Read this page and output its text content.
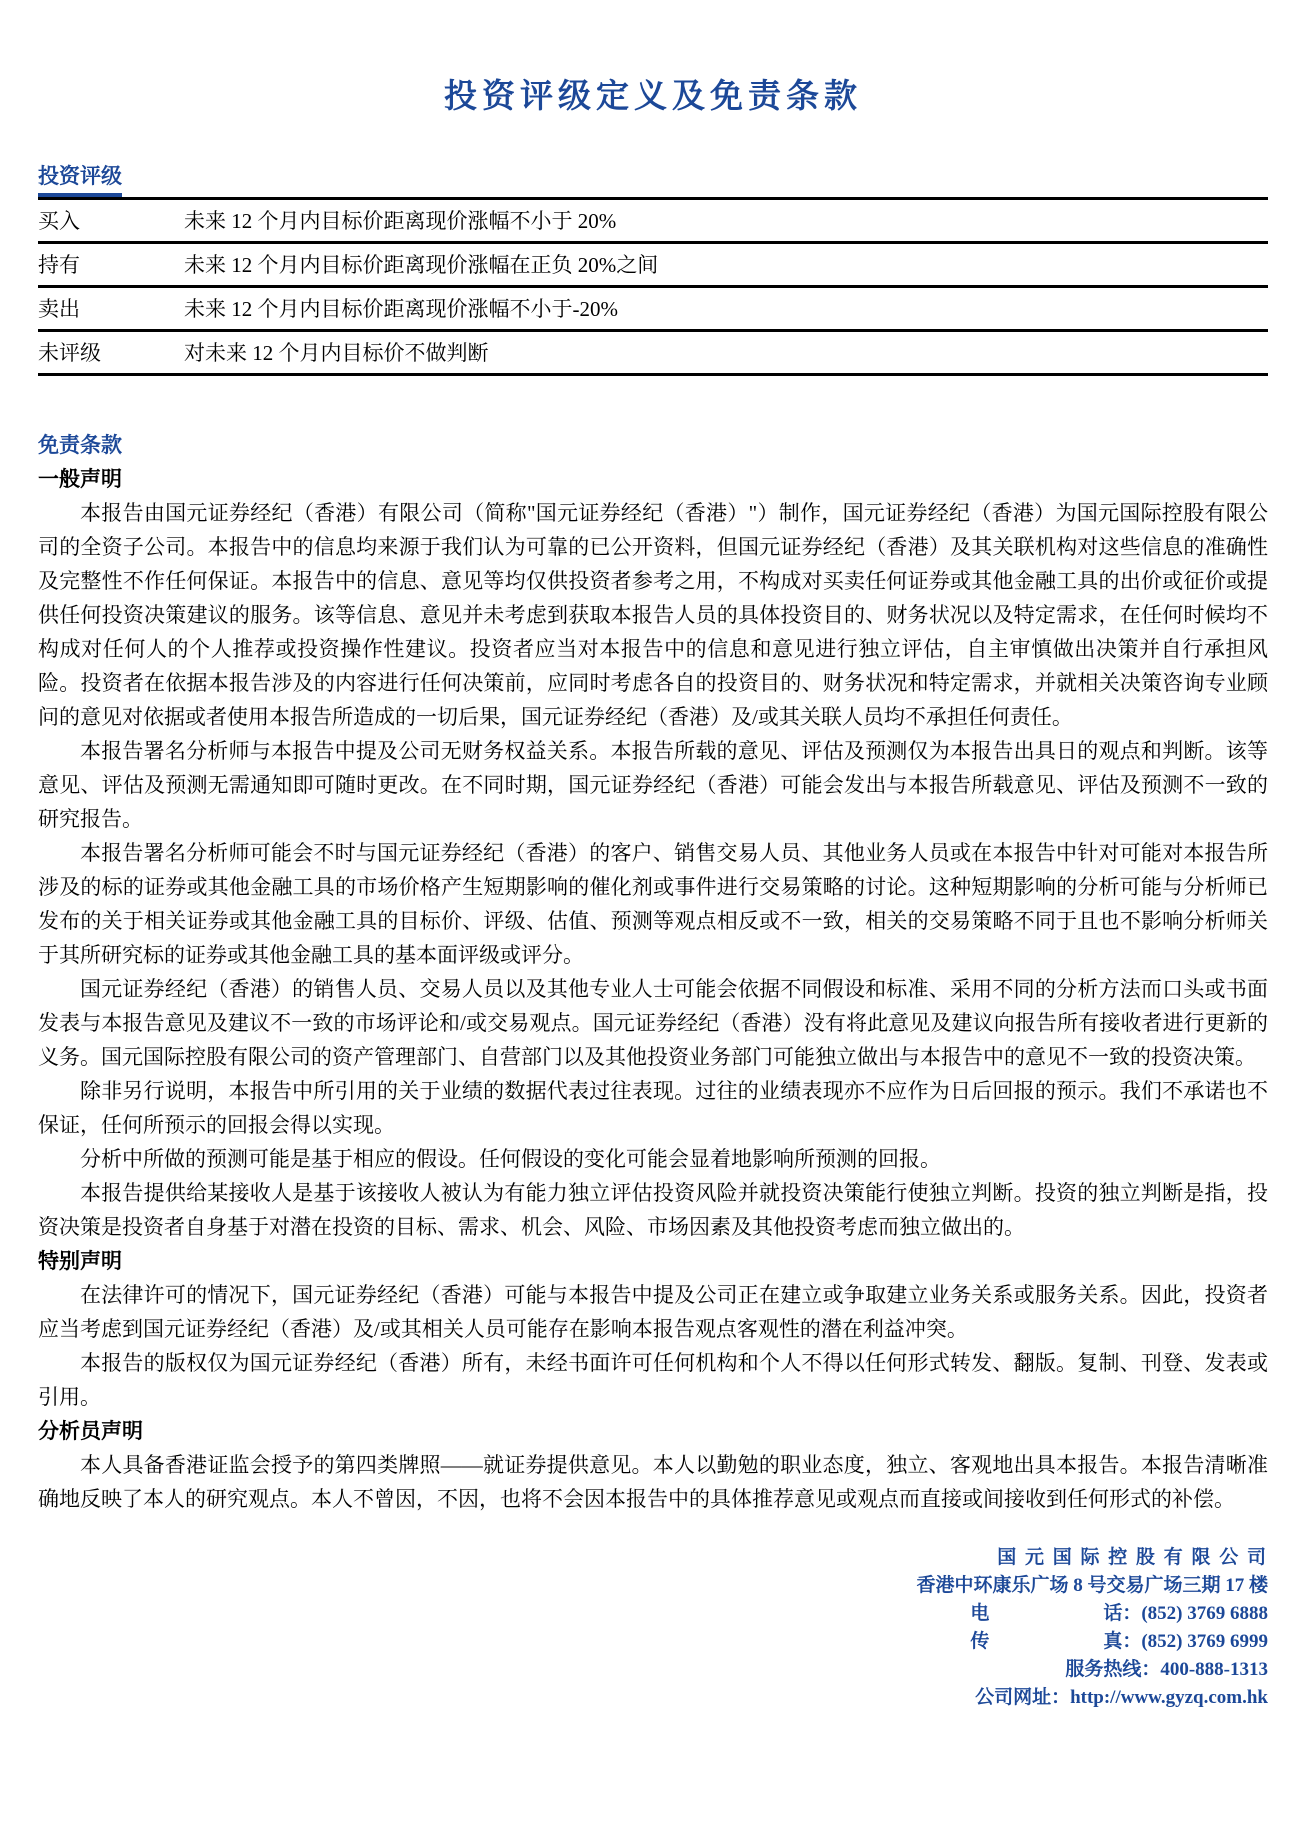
投资评级定义及免责条款
投资评级
买入	未来 12 个月内目标价距离现价涨幅不小于 20%
持有	未来 12 个月内目标价距离现价涨幅在正负 20%之间
卖出	未来 12 个月内目标价距离现价涨幅不小于-20%
未评级	对未来 12 个月内目标价不做判断
免责条款
一般声明

本报告由国元证券经纪（香港）有限公司（简称"国元证券经纪（香港）"）制作，国元证券经纪（香港）为国元国际控股有限公司的全资子公司。本报告中的信息均来源于我们认为可靠的已公开资料，但国元证券经纪（香港）及其关联机构对这些信息的准确性及完整性不作任何保证。本报告中的信息、意见等均仅供投资者参考之用，不构成对买卖任何证券或其他金融工具的出价或征价或提供任何投资决策建议的服务。该等信息、意见并未考虑到获取本报告人员的具体投资目的、财务状况以及特定需求，在任何时候均不构成对任何人的个人推荐或投资操作性建议。投资者应当对本报告中的信息和意见进行独立评估，自主审慎做出决策并自行承担风险。投资者在依据本报告涉及的内容进行任何决策前，应同时考虑各自的投资目的、财务状况和特定需求，并就相关决策咨询专业顾问的意见对依据或者使用本报告所造成的一切后果，国元证券经纪（香港）及/或其关联人员均不承担任何责任。

本报告署名分析师与本报告中提及公司无财务权益关系。本报告所载的意见、评估及预测仅为本报告出具日的观点和判断。该等意见、评估及预测无需通知即可随时更改。在不同时期，国元证券经纪（香港）可能会发出与本报告所载意见、评估及预测不一致的研究报告。

本报告署名分析师可能会不时与国元证券经纪（香港）的客户、销售交易人员、其他业务人员或在本报告中针对可能对本报告所涉及的标的证券或其他金融工具的市场价格产生短期影响的催化剂或事件进行交易策略的讨论。这种短期影响的分析可能与分析师已发布的关于相关证券或其他金融工具的目标价、评级、估值、预测等观点相反或不一致，相关的交易策略不同于且也不影响分析师关于其所研究标的证券或其他金融工具的基本面评级或评分。

国元证券经纪（香港）的销售人员、交易人员以及其他专业人士可能会依据不同假设和标准、采用不同的分析方法而口头或书面发表与本报告意见及建议不一致的市场评论和/或交易观点。国元证券经纪（香港）没有将此意见及建议向报告所有接收者进行更新的义务。国元国际控股有限公司的资产管理部门、自营部门以及其他投资业务部门可能独立做出与本报告中的意见不一致的投资决策。

除非另行说明，本报告中所引用的关于业绩的数据代表过往表现。过往的业绩表现亦不应作为日后回报的预示。我们不承诺也不保证，任何所预示的回报会得以实现。

分析中所做的预测可能是基于相应的假设。任何假设的变化可能会显着地影响所预测的回报。

本报告提供给某接收人是基于该接收人被认为有能力独立评估投资风险并就投资决策能行使独立判断。投资的独立判断是指，投资决策是投资者自身基于对潜在投资的目标、需求、机会、风险、市场因素及其他投资考虑而独立做出的。

特别声明

在法律许可的情况下，国元证券经纪（香港）可能与本报告中提及公司正在建立或争取建立业务关系或服务关系。因此，投资者应当考虑到国元证券经纪（香港）及/或其相关人员可能存在影响本报告观点客观性的潜在利益冲突。

本报告的版权仅为国元证券经纪（香港）所有，未经书面许可任何机构和个人不得以任何形式转发、翻版。复制、刊登、发表或引用。

分析员声明

本人具备香港证监会授予的第四类牌照——就证券提供意见。本人以勤勉的职业态度，独立、客观地出具本报告。本报告清晰准确地反映了本人的研究观点。本人不曾因，不因，也将不会因本报告中的具体推荐意见或观点而直接或间接收到任何形式的补偿。

国 元 国 际 控 股 有 限 公 司
香港中环康乐广场 8 号交易广场三期 17 楼
电　　　　　　话：(852) 3769 6888
传　　　　　　真：(852) 3769 6999
服务热线：400-888-1313
公司网址：http://www.gyzq.com.hk
